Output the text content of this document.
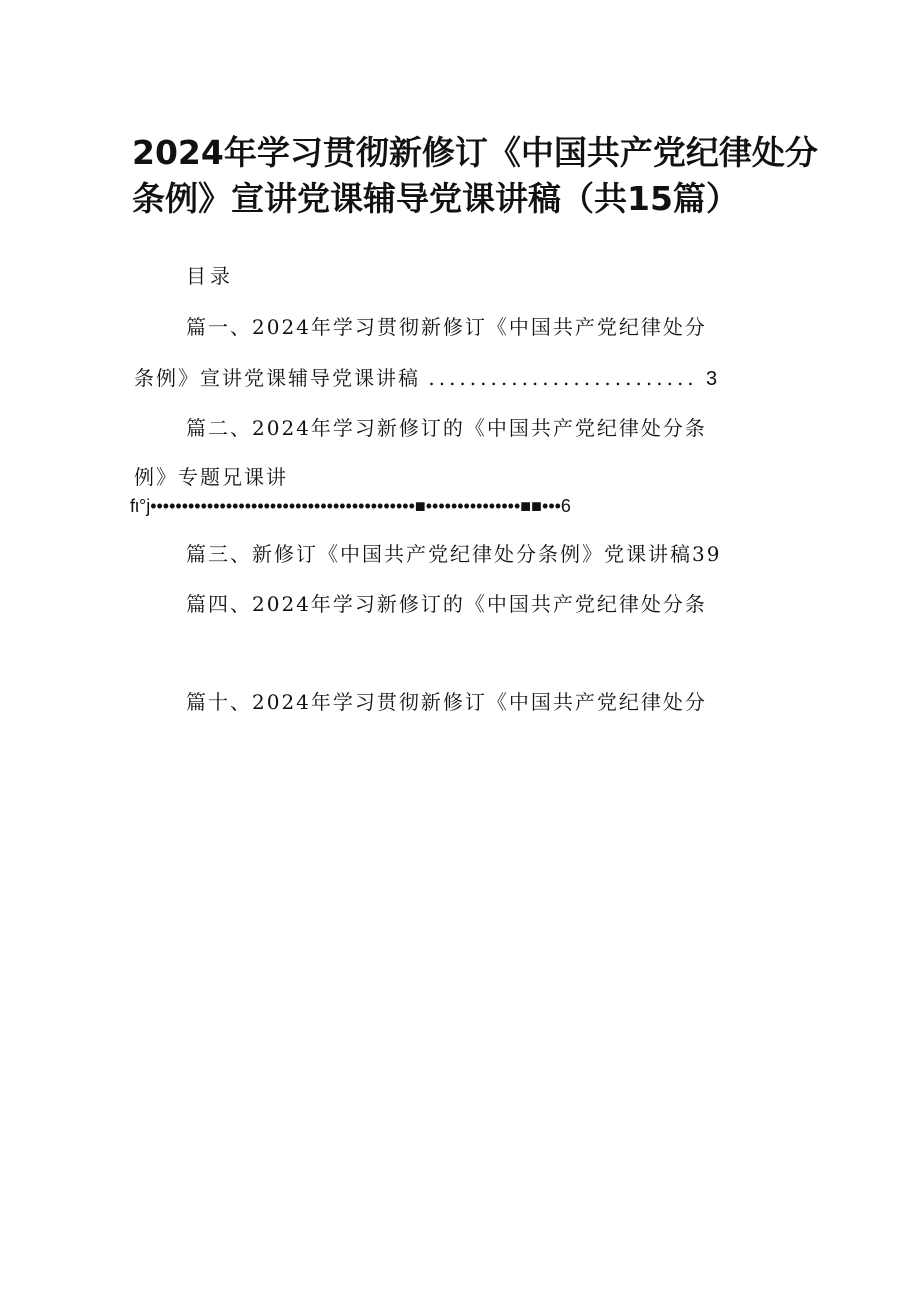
2024年学习贯彻新修订《中国共产党纪律处分
条例》宣讲党课辅导党课讲稿（共15篇）
目录
篇一、2024年学习贯彻新修订《中国共产党纪律处分
条例》宣讲党课辅导党课讲稿 .......................... 3
篇二、2024年学习新修订的《中国共产党纪律处分条
例》专题兄课讲
fι°j••••••••••••••••••••••••••••••••••••••••••■•••••••••••••••■■•••6
篇三、新修订《中国共产党纪律处分条例》党课讲稿39
篇四、2024年学习新修订的《中国共产党纪律处分条
篇十、2024年学习贯彻新修订《中国共产党纪律处分
